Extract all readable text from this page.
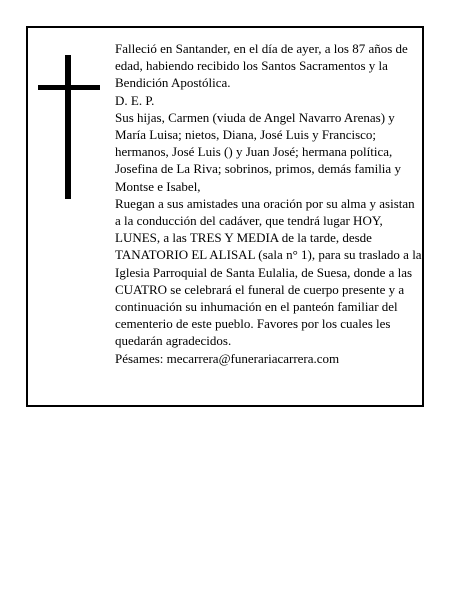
Falleció en Santander, en el día de ayer, a los 87 años de edad, habiendo recibido los Santos Sacramentos y la Bendición Apostólica.

D. E. P.

Sus hijas, Carmen (viuda de Angel Navarro Arenas) y María Luisa; nietos, Diana, José Luis y Francisco; hermanos, José Luis () y Juan José; hermana política, Josefina de La Riva; sobrinos, primos, demás familia y Montse e Isabel,

Ruegan a sus amistades una oración por su alma y asistan a la conducción del cadáver, que tendrá lugar HOY, LUNES, a las TRES Y MEDIA de la tarde, desde TANATORIO EL ALISAL (sala n° 1), para su traslado a la Iglesia Parroquial de Santa Eulalia, de Suesa, donde a las CUATRO se celebrará el funeral de cuerpo presente y a continuación su inhumación en el panteón familiar del cementerio de este pueblo. Favores por los cuales les quedarán agradecidos.

Pésames: mecarrera@funerariacarrera.com
